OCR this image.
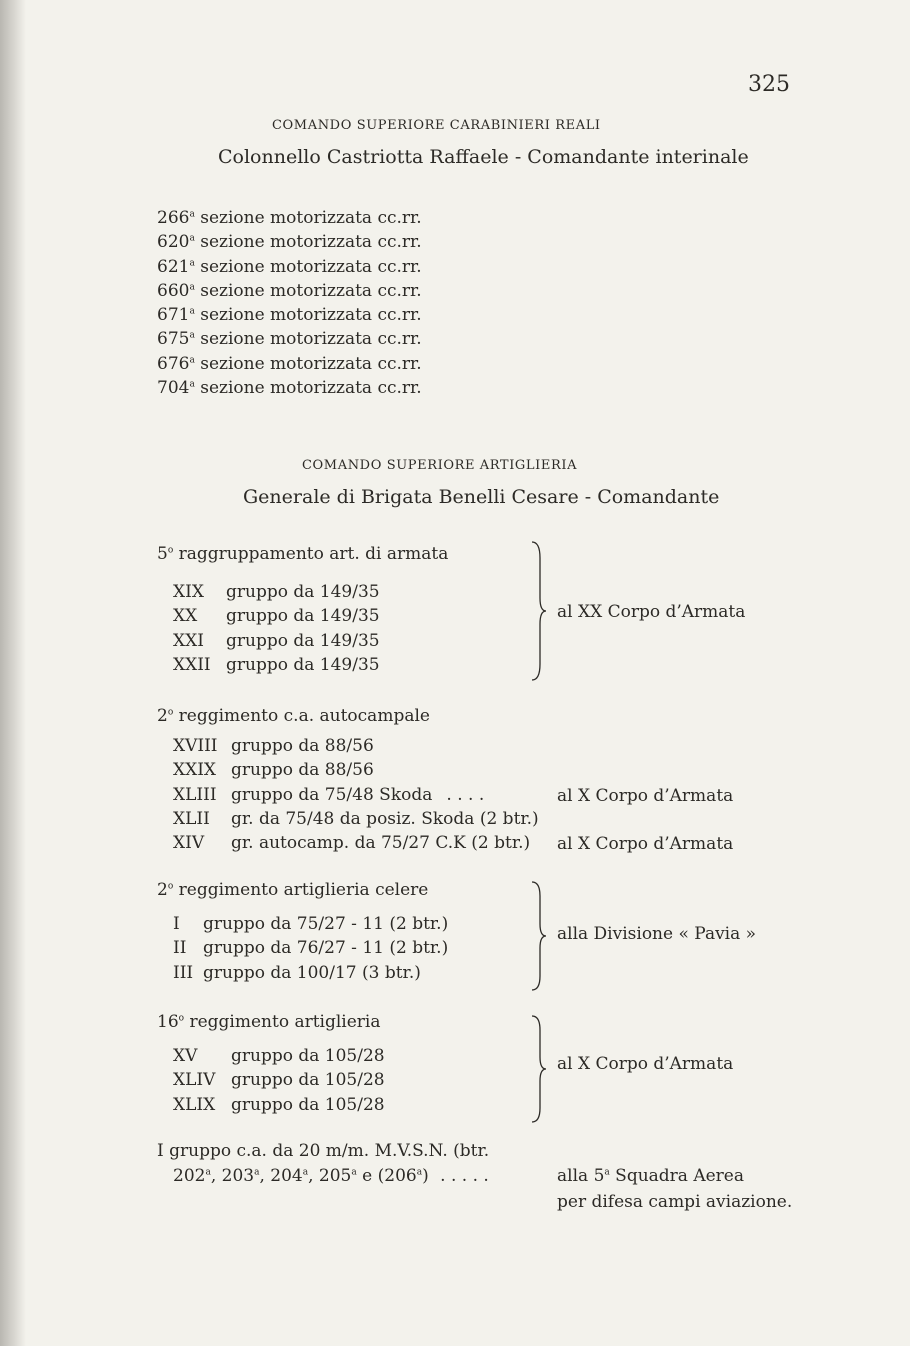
325
COMANDO SUPERIORE CARABINIERI REALI
Colonnello Castriotta Raffaele - Comandante interinale
266$^a$ sezione motorizzata cc.rr.
620$^a$ sezione motorizzata cc.rr.
621$^a$ sezione motorizzata cc.rr.
660$^a$ sezione motorizzata cc.rr.
671$^a$ sezione motorizzata cc.rr.
675$^a$ sezione motorizzata cc.rr.
676$^a$ sezione motorizzata cc.rr.
704$^a$ sezione motorizzata cc.rr.
COMANDO SUPERIORE ARTIGLIERIA
Generale di Brigata Benelli Cesare - Comandante
5$^o$ raggruppamento art. di armata
XIX gruppo da 149/35
XX gruppo da 149/35
XXI gruppo da 149/35
XXII gruppo da 149/35
al XX Corpo d’Armata
2$^o$ reggimento c.a. autocampale
XVIII gruppo da 88/56
XXIX gruppo da 88/56
XLIII gruppo da 75/48 Skoda . . . .
XLII gr. da 75/48 da posiz. Skoda (2 btr.)
XIV gr. autocamp. da 75/27 C.K (2 btr.)
al X Corpo d’Armata
al X Corpo d’Armata
2$^o$ reggimento artiglieria celere
I gruppo da 75/27 - 11 (2 btr.)
II gruppo da 76/27 - 11 (2 btr.)
III gruppo da 100/17 (3 btr.)
alla Divisione « Pavia »
16$^o$ reggimento artiglieria
XV gruppo da 105/28
XLIV gruppo da 105/28
XLIX gruppo da 105/28
al X Corpo d’Armata
I gruppo c.a. da 20 m/m. M.V.S.N. (btr.
202$^a$, 203$^a$, 204$^a$, 205$^a$ e (206$^a$) . . . . .	alla 5$^a$ Squadra Aerea
per difesa campi aviazione.
